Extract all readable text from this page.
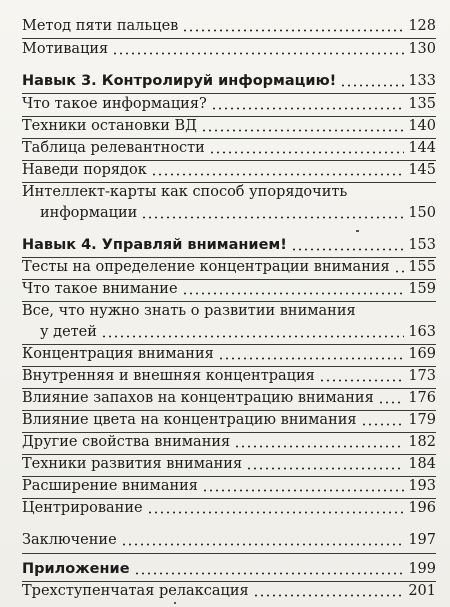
Метод пяти пальцев	128
Мотивация	130
Навык 3. Контролируй информацию!	133
Что такое информация?	135
Техники остановки ВД	140
Таблица релевантности	144
Наведи порядок	145
Интеллект-карты как способ упорядочить
информации	150
Навык 4. Управляй вниманием!	153
Тесты на определение концентрации внимания 155
Что такое внимание	159
Все, что нужно знать о развитии внимания
у детей	163
Концентрация внимания	169
Внутренняя и внешняя концентрация	173
Влияние запахов на концентрацию внимания 176
Влияние цвета на концентрацию внимания	179
Другие свойства внимания	182
Техники развития внимания	184
Расширение внимания	193
Центрирование	196
Заключение	197
Приложение	199
Трехступенчатая релаксация	201
